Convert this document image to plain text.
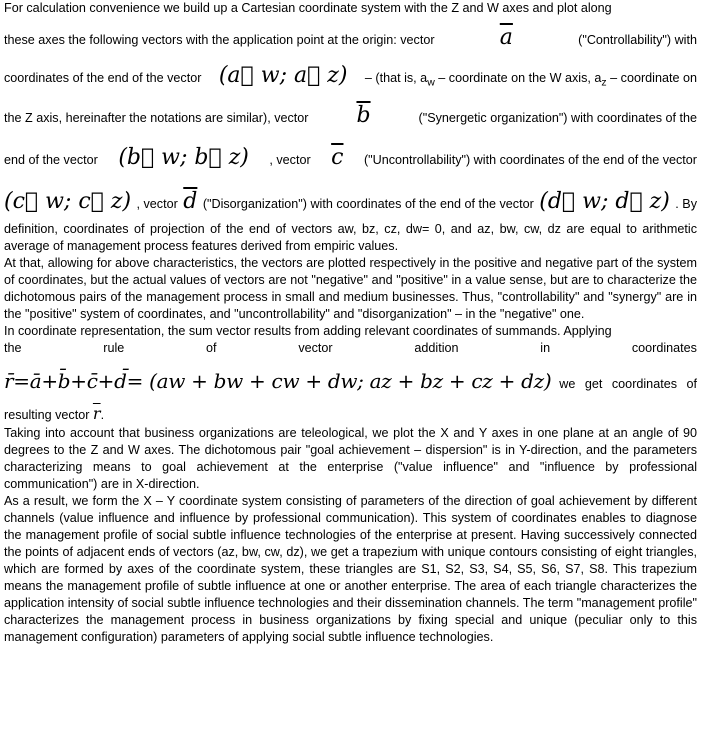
For calculation convenience we build up a Cartesian coordinate system with the Z and W axes and plot along
these axes the following vectors with the application point at the origin: vector	$\overline{a}$	("Controllability") with
coordinates of the end of the vector (a⃗ w; a⃗ z) – (that is, $a_w$ – coordinate on the W axis, $a_z$ – coordinate on
the Z axis, hereinafter the notations are similar), vector $\overline{b}$	("Synergetic organization") with coordinates of the
end of the vector (b⃗ w; b⃗ z) , vector $\overline{c}$ ("Uncontrollability") with coordinates of the end of the vector
(c⃗ w; c⃗ z) , vector $\overline{d}$ ("Disorganization") with coordinates of the end of the vector (d⃗ w; d⃗ z) . By
definition, coordinates of projection of the end of vectors aw, bz, cz, dw= 0, and az, bw, cw, dz are equal to arithmetic average of management process features derived from empiric values.
At that, allowing for above characteristics, the vectors are plotted respectively in the positive and negative part of the system of coordinates, but the actual values of vectors are not "negative" and "positive" in a value sense, but are to characterize the dichotomous pairs of the management process in small and medium businesses. Thus, "controllability" and "synergy" are in the "positive" system of coordinates, and "uncontrollability" and "disorganization" – in the "negative" one.
In coordinate representation, the sum vector results from adding relevant coordinates of summands. Applying
the	rule	of	vector	addition	in	coordinates
r̄=ā+b̄+c̄+d̄= (aw + bw + cw + dw; az + bz + cz + dz) we get coordinates of
resulting vector $\overline{r}$.
Taking into account that business organizations are teleological, we plot the X and Y axes in one plane at an angle of 90 degrees to the Z and W axes. The dichotomous pair "goal achievement – dispersion" is in Y-direction, and the parameters characterizing means to goal achievement at the enterprise ("value influence" and "influence by professional communication") are in X-direction.
As a result, we form the X – Y coordinate system consisting of parameters of the direction of goal achievement by different channels (value influence and influence by professional communication). This system of coordinates enables to diagnose the management profile of social subtle influence technologies of the enterprise at present. Having successively connected the points of adjacent ends of vectors (az, bw, cw, dz), we get a trapezium with unique contours consisting of eight triangles, which are formed by axes of the coordinate system, these triangles are S1, S2, S3, S4, S5, S6, S7, S8. This trapezium means the management profile of subtle influence at one or another enterprise. The area of each triangle characterizes the application intensity of social subtle influence technologies and their dissemination channels. The term "management profile" characterizes the management process in business organizations by fixing special and unique (peculiar only to this management configuration) parameters of applying social subtle influence technologies.
